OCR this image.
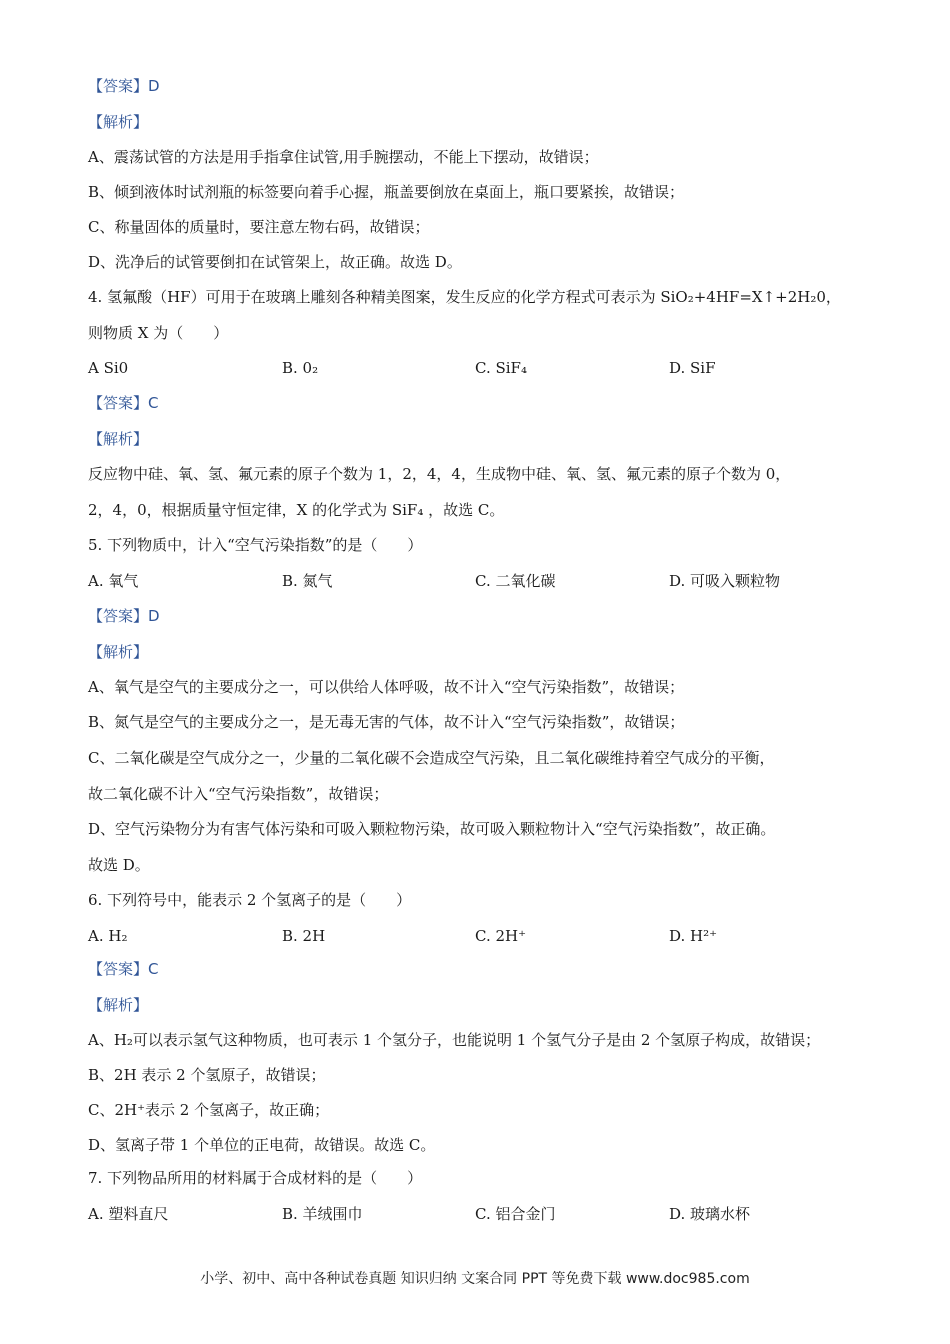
【答案】D
【解析】
A、震荡试管的方法是用手指拿住试管,用手腕摆动，不能上下摆动，故错误；
B、倾到液体时试剂瓶的标签要向着手心握，瓶盖要倒放在桌面上，瓶口要紧挨，故错误；
C、称量固体的质量时，要注意左物右码，故错误；
D、洗净后的试管要倒扣在试管架上，故正确。故选 D。
4. 氢氟酸（HF）可用于在玻璃上雕刻各种精美图案，发生反应的化学方程式可表示为 SiO₂+4HF=X↑+2H₂0，
则物质 X 为（　　）
A Si0	B. 0₂	C. SiF₄	D. SiF
【答案】C
【解析】
反应物中硅、氧、氢、氟元素的原子个数为 1，2，4，4，生成物中硅、氧、氢、氟元素的原子个数为 0，
2，4，0，根据质量守恒定律，X 的化学式为 SiF₄ ，故选 C。
5. 下列物质中，计入“空气污染指数”的是（　　）
A. 氧气	B. 氮气	C. 二氧化碳	D. 可吸入颗粒物
【答案】D
【解析】
A、氧气是空气的主要成分之一，可以供给人体呼吸，故不计入“空气污染指数”，故错误；
B、氮气是空气的主要成分之一，是无毒无害的气体，故不计入“空气污染指数”，故错误；
C、二氧化碳是空气成分之一，少量的二氧化碳不会造成空气污染，且二氧化碳维持着空气成分的平衡，
故二氧化碳不计入“空气污染指数”，故错误；
D、空气污染物分为有害气体污染和可吸入颗粒物污染，故可吸入颗粒物计入“空气污染指数”，故正确。
故选 D。
6. 下列符号中，能表示 2 个氢离子的是（　　）
A. H₂	B. 2H	C. 2H⁺	D. H²⁺
【答案】C
【解析】
A、H₂可以表示氢气这种物质，也可表示 1 个氢分子，也能说明 1 个氢气分子是由 2 个氢原子构成，故错误；
B、2H 表示 2 个氢原子，故错误；
C、2H⁺表示 2 个氢离子，故正确；
D、氢离子带 1 个单位的正电荷，故错误。故选 C。
7. 下列物品所用的材料属于合成材料的是（　　）
A. 塑料直尺	B. 羊绒围巾	C. 铝合金门	D. 玻璃水杯
小学、初中、高中各种试卷真题 知识归纳 文案合同 PPT 等免费下载 www.doc985.com
